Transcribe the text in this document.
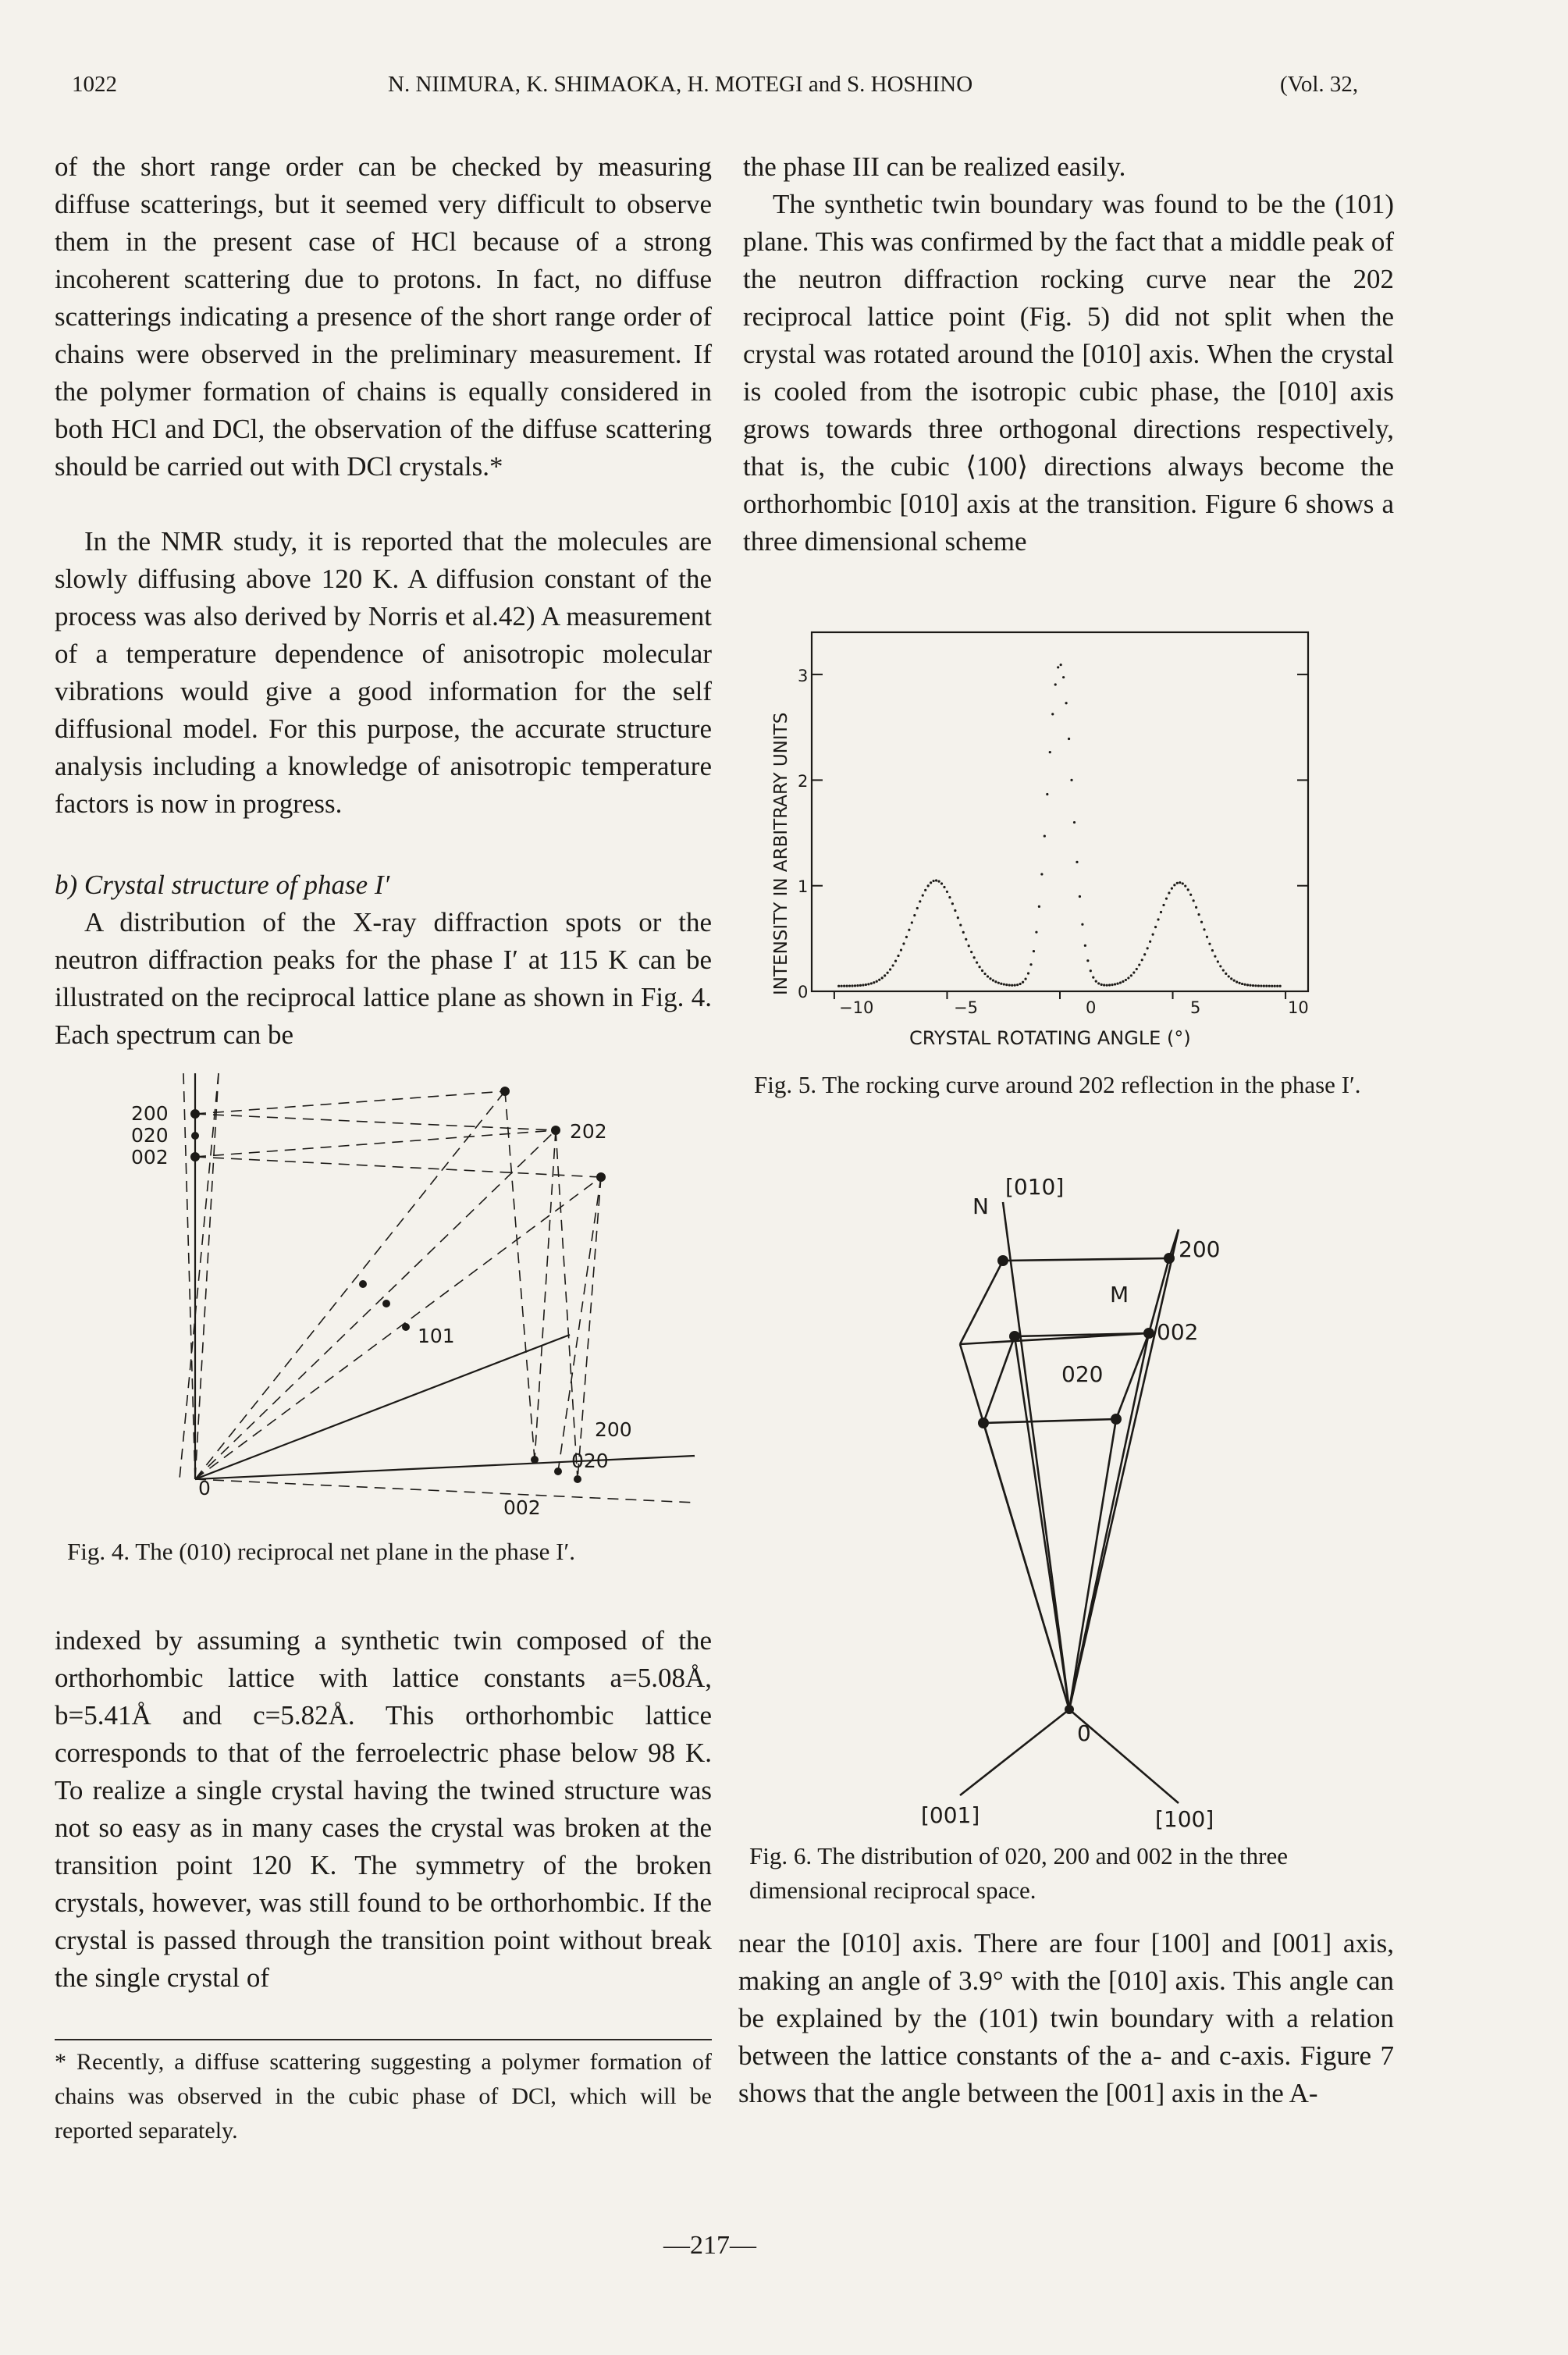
1022	N. NIIMURA, K. SHIMAOKA, H. MOTEGI and S. HOSHINO	(Vol. 32,
of the short range order can be checked by measuring diffuse scatterings, but it seemed very difficult to observe them in the present case of HCl because of a strong incoherent scattering due to protons. In fact, no diffuse scatterings indicating a presence of the short range order of chains were observed in the preliminary measurement. If the polymer formation of chains is equally considered in both HCl and DCl, the observation of the diffuse scattering should be carried out with DCl crystals.*
In the NMR study, it is reported that the molecules are slowly diffusing above 120 K. A diffusion constant of the process was also derived by Norris et al.42) A measurement of a temperature dependence of anisotropic molecular vibrations would give a good information for the self diffusional model. For this purpose, the accurate structure analysis including a knowledge of anisotropic temperature factors is now in progress.
b) Crystal structure of phase I′
A distribution of the X-ray diffraction spots or the neutron diffraction peaks for the phase I′ at 115 K can be illustrated on the reciprocal lattice plane as shown in Fig. 4. Each spectrum can be
200
020
002
202
101
0
200
020
002
Fig. 4. The (010) reciprocal net plane in the phase I′.
indexed by assuming a synthetic twin composed of the orthorhombic lattice with lattice constants a=5.08Å, b=5.41Å and c=5.82Å. This orthorhombic lattice corresponds to that of the ferroelectric phase below 98 K. To realize a single crystal having the twined structure was not so easy as in many cases the crystal was broken at the transition point 120 K. The symmetry of the broken crystals, however, was still found to be orthorhombic. If the crystal is passed through the transition point without break the single crystal of
* Recently, a diffuse scattering suggesting a polymer formation of chains was observed in the cubic phase of DCl, which will be reported separately.
the phase III can be realized easily.
The synthetic twin boundary was found to be the (101) plane. This was confirmed by the fact that a middle peak of the neutron diffraction rocking curve near the 202 reciprocal lattice point (Fig. 5) did not split when the crystal was rotated around the [010] axis. When the crystal is cooled from the isotropic cubic phase, the [010] axis grows towards three orthogonal directions respectively, that is, the cubic ⟨100⟩ directions always become the orthorhombic [010] axis at the transition. Figure 6 shows a three dimensional scheme
0
1
2
3
−10	−5	0	5	10
CRYSTAL ROTATING ANGLE (°)
INTENSITY IN ARBITRARY UNITS
Fig. 5. The rocking curve around 202 reflection in the phase I′.
[010]
N
200
M
002
020
0
[001]	[100]
Fig. 6. The distribution of 020, 200 and 002 in the three dimensional reciprocal space.
near the [010] axis. There are four [100] and [001] axis, making an angle of 3.9° with the [010] axis. This angle can be explained by the (101) twin boundary with a relation between the lattice constants of the a- and c-axis. Figure 7 shows that the angle between the [001] axis in the A-
—217—
